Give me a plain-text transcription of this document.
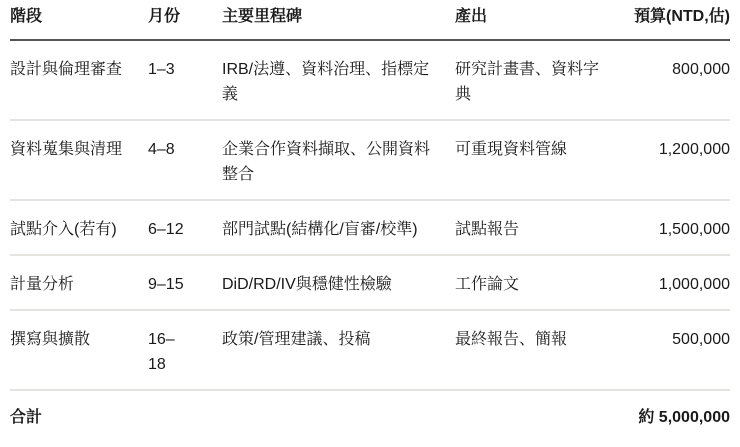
階段	月份	主要里程碑	產出	預算(NTD,估)
設計與倫理審查	1–3	IRB/法遵、資料治理、指標定義	研究計畫書、資料字典	800,000
資料蒐集與清理	4–8	企業合作資料擷取、公開資料整合	可重現資料管線	1,200,000
試點介入(若有)	6–12	部門試點(結構化/盲審/校準)	試點報告	1,500,000
計量分析	9–15	DiD/RD/IV與穩健性檢驗	工作論文	1,000,000
撰寫與擴散	16–18	政策/管理建議、投稿	最終報告、簡報	500,000
合計				約 5,000,000
